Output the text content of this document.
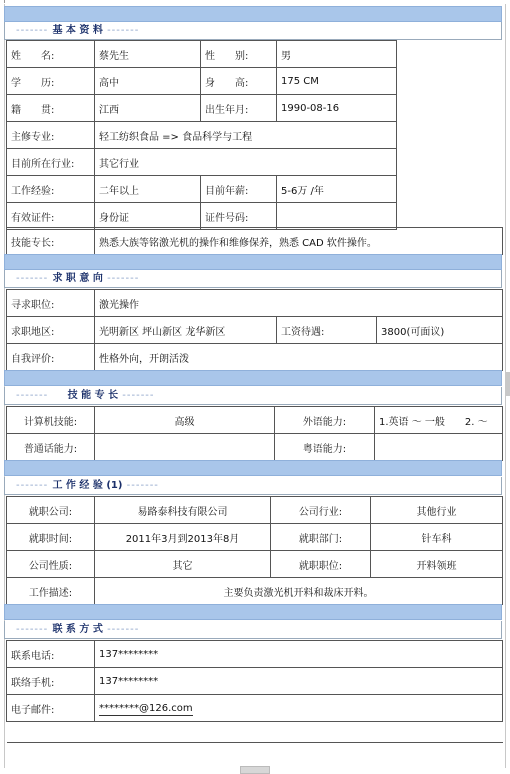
　------- 基 本 资 料 -------
姓　　名:	蔡先生	性　　别:	男
学　　历:	高中	身　　高:	175 CM
籍　　贯:	江西	出生年月:	1990-08-16
主修专业:	轻工纺织食品 => 食品科学与工程		
目前所在行业:	其它行业		
工作经验:	二年以上	目前年薪:	5-6万 /年
有效证件:	身份证	证件号码:	
技能专长:	熟悉大族等铭激光机的操作和维修保养，熟悉 CAD 软件操作。
　------- 求 职 意 向 -------
寻求职位:	激光操作		
求职地区:	光明新区 坪山新区 龙华新区	工资待遇:	3800(可面议)
自我评价:	性格外向，开朗活泼		
　------- 　 技 能 专 长 -------
计算机技能:	高级	外语能力:	1.英语 ～ 一般　　2. ～
普通话能力:		粤语能力:	
　------- 工 作 经 验 (1) -------
就职公司:	易路泰科技有限公司	公司行业:	其他行业
就职时间:	2011年3月到2013年8月	就职部门:	针车科
公司性质:	其它	就职职位:	开料领班
工作描述:	主要负责激光机开料和裁床开料。		
　------- 联 系 方 式 -------
联系电话:	137********
联络手机:	137********
电子邮件:	********@126.com
